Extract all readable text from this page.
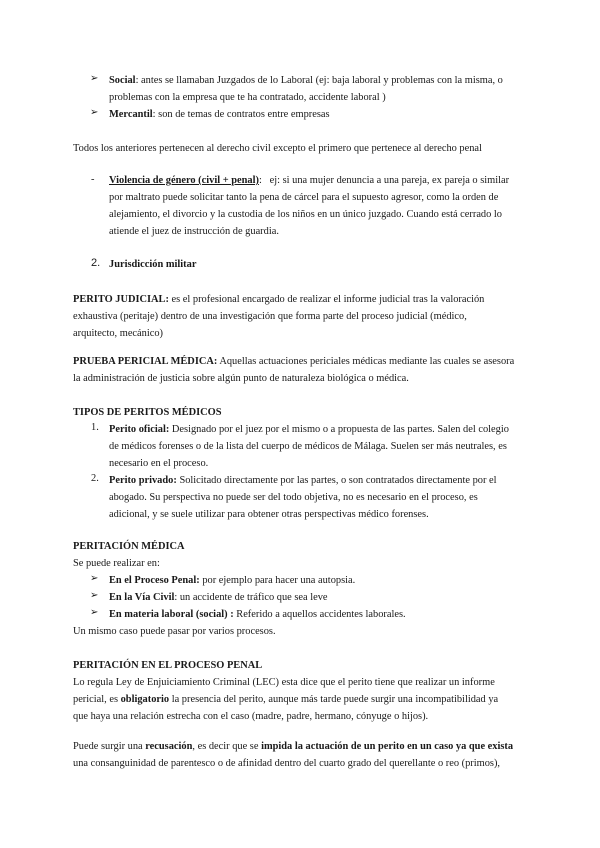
➢ Social: antes se llamaban Juzgados de lo Laboral (ej: baja laboral y problemas con la misma, o
problemas con la empresa que te ha contratado, accidente laboral )
➢ Mercantil: son de temas de contratos entre empresas
Todos los anteriores pertenecen al derecho civil excepto el primero que pertenece al derecho penal
- Violencia de género (civil + penal): ej: si una mujer denuncia a una pareja, ex pareja o similar
por maltrato puede solicitar tanto la pena de cárcel para el supuesto agresor, como la orden de
alejamiento, el divorcio y la custodia de los niños en un único juzgado. Cuando está cerrado lo
atiende el juez de instrucción de guardia.
2. Jurisdicción militar
PERITO JUDICIAL: es el profesional encargado de realizar el informe judicial tras la valoración
exhaustiva (peritaje) dentro de una investigación que forma parte del proceso judicial (médico,
arquitecto, mecánico)
PRUEBA PERICIAL MÉDICA: Aquellas actuaciones periciales médicas mediante las cuales se asesora
la administración de justicia sobre algún punto de naturaleza biológica o médica.
TIPOS DE PERITOS MÉDICOS
1. Perito oficial: Designado por el juez por el mismo o a propuesta de las partes. Salen del colegio
de médicos forenses o de la lista del cuerpo de médicos de Málaga. Suelen ser más neutrales, es
necesario en el proceso.
2. Perito privado: Solicitado directamente por las partes, o son contratados directamente por el
abogado. Su perspectiva no puede ser del todo objetiva, no es necesario en el proceso, es
adicional, y se suele utilizar para obtener otras perspectivas médico forenses.
PERITACIÓN MÉDICA
Se puede realizar en:
➢ En el Proceso Penal: por ejemplo para hacer una autopsia.
➢ En la Vía Civil: un accidente de tráfico que sea leve
➢ En materia laboral (social) : Referido a aquellos accidentes laborales.
Un mismo caso puede pasar por varios procesos.
PERITACIÓN EN EL PROCESO PENAL
Lo regula Ley de Enjuiciamiento Criminal (LEC) esta dice que el perito tiene que realizar un informe
pericial, es obligatorio la presencia del perito, aunque más tarde puede surgir una incompatibilidad ya
que haya una relación estrecha con el caso (madre, padre, hermano, cónyuge o hijos).
Puede surgir una recusación, es decir que se impida la actuación de un perito en un caso ya que exista
una consanguinidad de parentesco o de afinidad dentro del cuarto grado del querellante o reo (primos),
